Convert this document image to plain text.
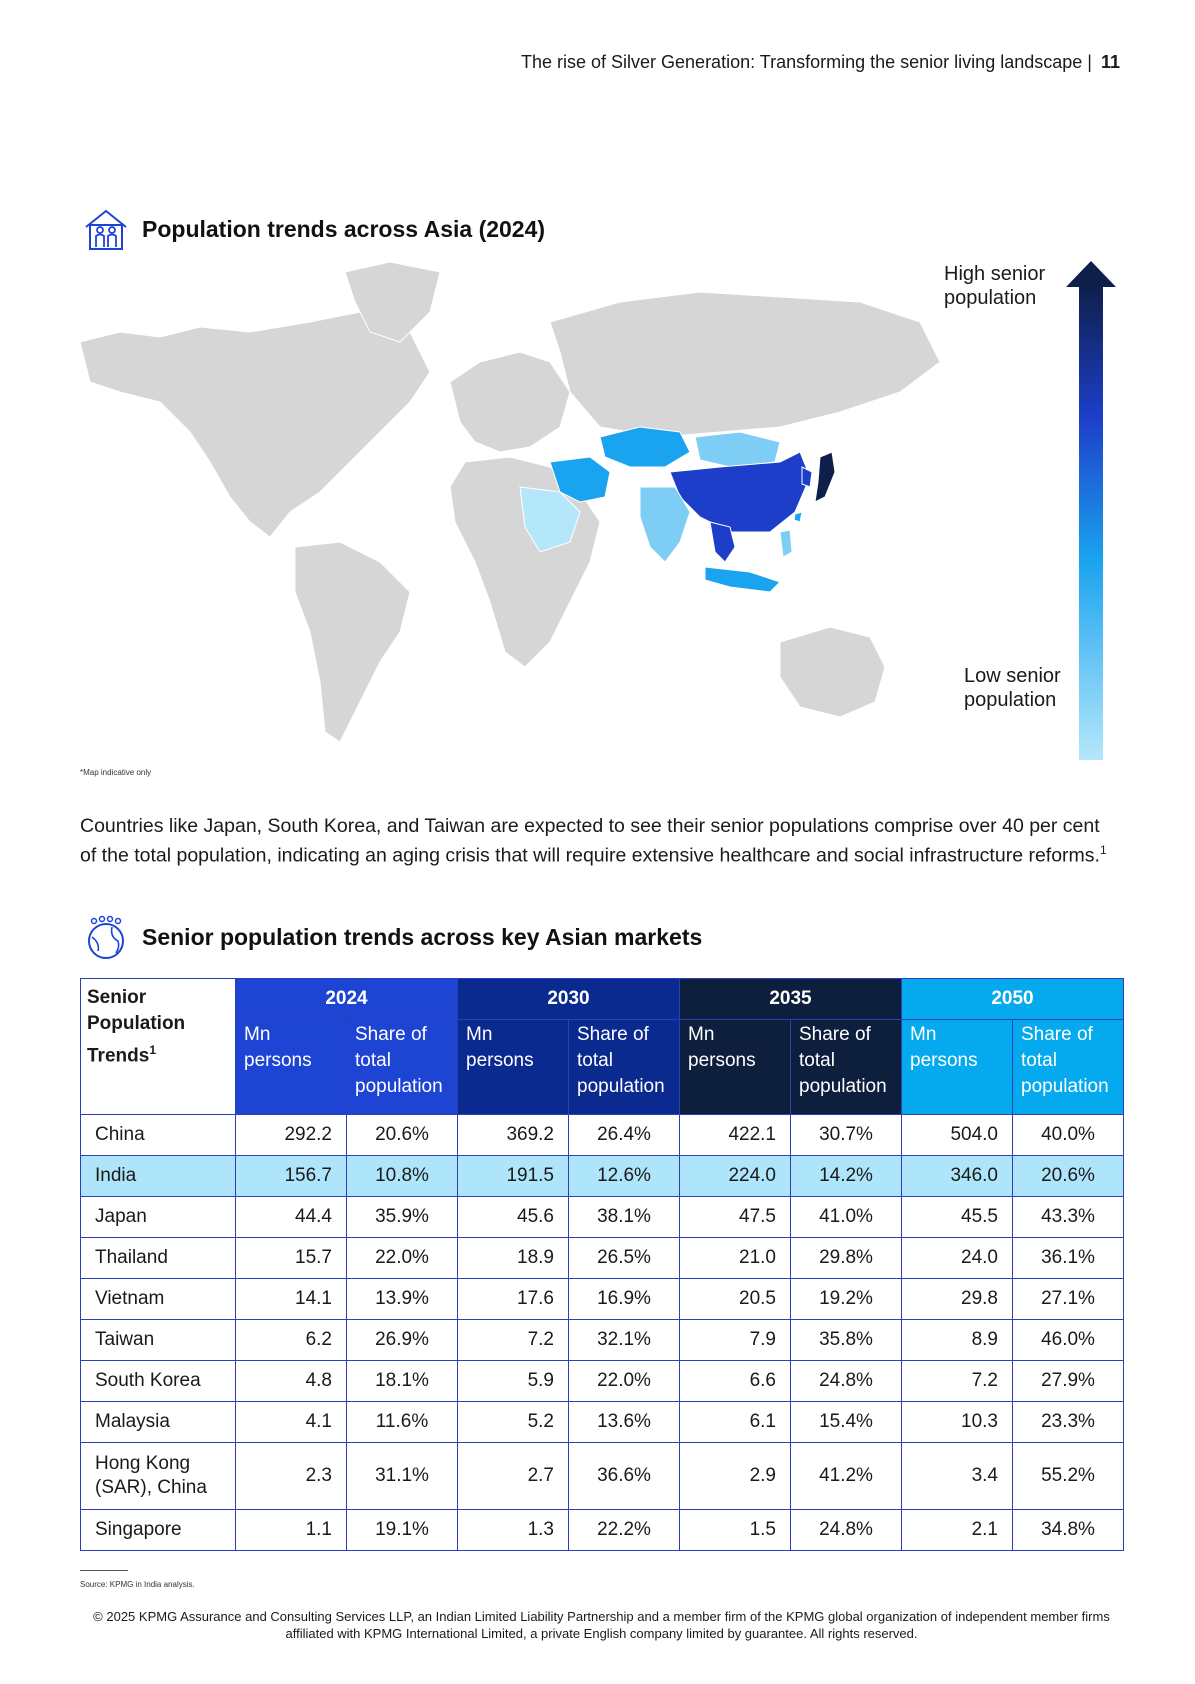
The rise of Silver Generation: Transforming the senior living landscape | 11
Population trends across Asia (2024)
High senior population
Low senior population
*Map indicative only
Countries like Japan, South Korea, and Taiwan are expected to see their senior populations comprise over 40 per cent of the total population, indicating an aging crisis that will require extensive healthcare and social infrastructure reforms.$^1$
Senior population trends across key Asian markets
Senior Population Trends$^1$	2024		2030		2035		2050	
	Mn persons	Share of total population	Mn persons	Share of total population	Mn persons	Share of total population	Mn persons	Share of total population
China	292.2	20.6%	369.2	26.4%	422.1	30.7%	504.0	40.0%
India	156.7	10.8%	191.5	12.6%	224.0	14.2%	346.0	20.6%
Japan	44.4	35.9%	45.6	38.1%	47.5	41.0%	45.5	43.3%
Thailand	15.7	22.0%	18.9	26.5%	21.0	29.8%	24.0	36.1%
Vietnam	14.1	13.9%	17.6	16.9%	20.5	19.2%	29.8	27.1%
Taiwan	6.2	26.9%	7.2	32.1%	7.9	35.8%	8.9	46.0%
South Korea	4.8	18.1%	5.9	22.0%	6.6	24.8%	7.2	27.9%
Malaysia	4.1	11.6%	5.2	13.6%	6.1	15.4%	10.3	23.3%
Hong Kong (SAR), China	2.3	31.1%	2.7	36.6%	2.9	41.2%	3.4	55.2%
Singapore	1.1	19.1%	1.3	22.2%	1.5	24.8%	2.1	34.8%
Source: KPMG in India analysis.
© 2025 KPMG Assurance and Consulting Services LLP, an Indian Limited Liability Partnership and a member firm of the KPMG global organization of independent member firms affiliated with KPMG International Limited, a private English company limited by guarantee. All rights reserved.
